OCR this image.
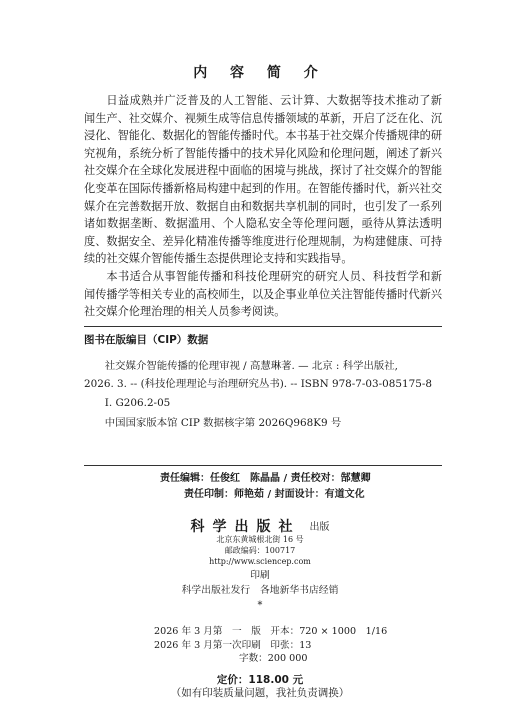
内 容 简 介

日益成熟并广泛普及的人工智能、云计算、大数据等技术推动了新闻生产、社交媒介、视频生成等信息传播领域的革新，开启了泛在化、沉浸化、智能化、数据化的智能传播时代。本书基于社交媒介传播规律的研究视角，系统分析了智能传播中的技术异化风险和伦理问题，阐述了新兴社交媒介在全球化发展进程中面临的困境与挑战，探讨了社交媒介的智能化变革在国际传播新格局构建中起到的作用。在智能传播时代，新兴社交媒介在完善数据开放、数据自由和数据共享机制的同时，也引发了一系列诸如数据垄断、数据滥用、个人隐私安全等伦理问题，亟待从算法透明度、数据安全、差异化精准传播等维度进行伦理规制，为构建健康、可持续的社交媒介智能传播生态提供理论支持和实践指导。

本书适合从事智能传播和科技伦理研究的研究人员、科技哲学和新闻传播学等相关专业的高校师生，以及企事业单位关注智能传播时代新兴社交媒介伦理治理的相关人员参考阅读。

图书在版编目（CIP）数据
社交媒介智能传播的伦理审视 / 高慧琳著. — 北京 : 科学出版社,
2026. 3. -- (科技伦理理论与治理研究丛书). -- ISBN 978-7-03-085175-8
Ⅰ. G206.2-05
中国国家版本馆 CIP 数据核字第 2026Q968K9 号
责任编辑：任俊红　陈晶晶 / 责任校对：郜慧卿
责任印制：师艳茹 / 封面设计：有道文化
科学出版社 出版
北京东黄城根北街 16 号
邮政编码：100717
http://www.sciencep.com
印刷
科学出版社发行　各地新华书店经销
*
2026 年 3 月第　一　版　开本：720 × 1000　1/16
2026 年 3 月第一次印刷　印张：13
字数：200 000
定价：118.00 元
（如有印装质量问题，我社负责调换）
